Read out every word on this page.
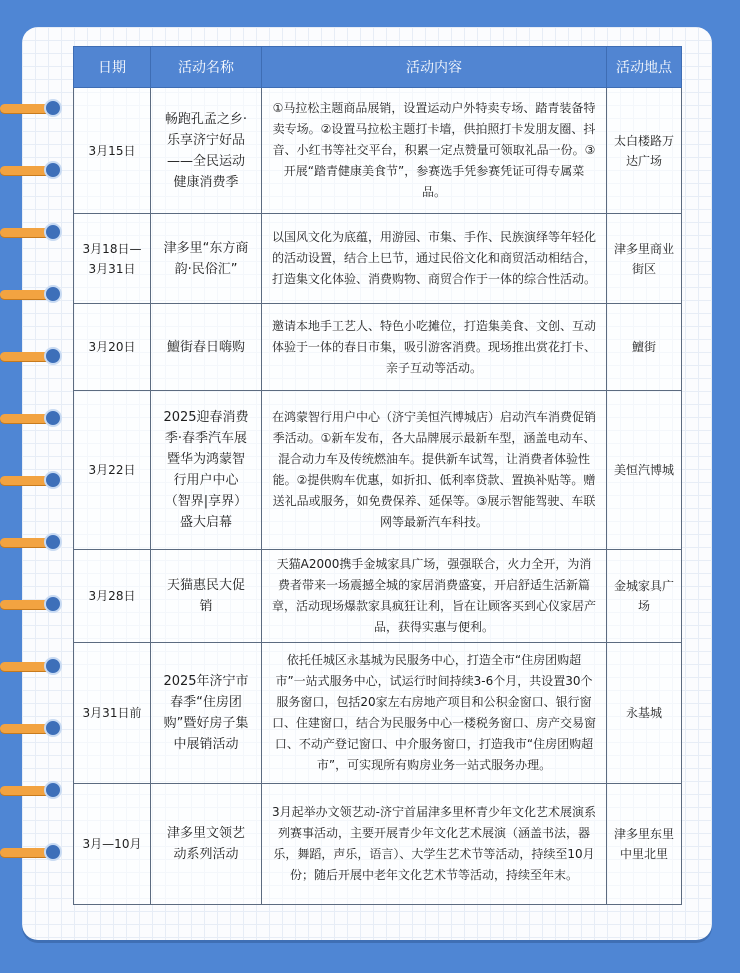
日期	活动名称	活动内容	活动地点
3月15日	畅跑孔孟之乡·乐享济宁好品——全民运动健康消费季	①马拉松主题商品展销，设置运动户外特卖专场、踏青装备特卖专场。②设置马拉松主题打卡墙，供拍照打卡发朋友圈、抖音、小红书等社交平台，积累一定点赞量可领取礼品一份。③开展“踏青健康美食节”，参赛选手凭参赛凭证可得专属菜品。	太白楼路万达广场
3月18日—3月31日	津多里“东方商韵·民俗汇”	以国风文化为底蕴，用游园、市集、手作、民族演绎等年轻化的活动设置，结合上巳节，通过民俗文化和商贸活动相结合，打造集文化体验、消费购物、商贸合作于一体的综合性活动。	津多里商业街区
3月20日	鱣街春日嗨购	邀请本地手工艺人、特色小吃摊位，打造集美食、文创、互动体验于一体的春日市集，吸引游客消费。现场推出赏花打卡、亲子互动等活动。	鱣街
3月22日	2025迎春消费季·春季汽车展暨华为鸿蒙智行用户中心（智界|享界）盛大启幕	在鸿蒙智行用户中心（济宁美恒汽博城店）启动汽车消费促销季活动。①新车发布，各大品牌展示最新车型，涵盖电动车、混合动力车及传统燃油车。提供新车试驾，让消费者体验性能。②提供购车优惠，如折扣、低利率贷款、置换补贴等。赠送礼品或服务，如免费保养、延保等。③展示智能驾驶、车联网等最新汽车科技。	美恒汽博城
3月28日	天猫惠民大促销	天猫A2000携手金城家具广场，强强联合，火力全开，为消费者带来一场震撼全城的家居消费盛宴，开启舒适生活新篇章，活动现场爆款家具疯狂让利，旨在让顾客买到心仪家居产品，获得实惠与便利。	金城家具广场
3月31日前	2025年济宁市春季“住房团购”暨好房子集中展销活动	依托任城区永基城为民服务中心，打造全市“住房团购超市”一站式服务中心，试运行时间持续3-6个月，共设置30个服务窗口，包括20家左右房地产项目和公积金窗口、银行窗口、住建窗口，结合为民服务中心一楼税务窗口、房产交易窗口、不动产登记窗口、中介服务窗口，打造我市“住房团购超市”，可实现所有购房业务一站式服务办理。	永基城
3月—10月	津多里文领艺动系列活动	3月起举办文领艺动-济宁首届津多里杯青少年文化艺术展演系列赛事活动，主要开展青少年文化艺术展演（涵盖书法，器乐，舞蹈，声乐，语言）、大学生艺术节等活动，持续至10月份；随后开展中老年文化艺术节等活动，持续至年末。	津多里东里中里北里
